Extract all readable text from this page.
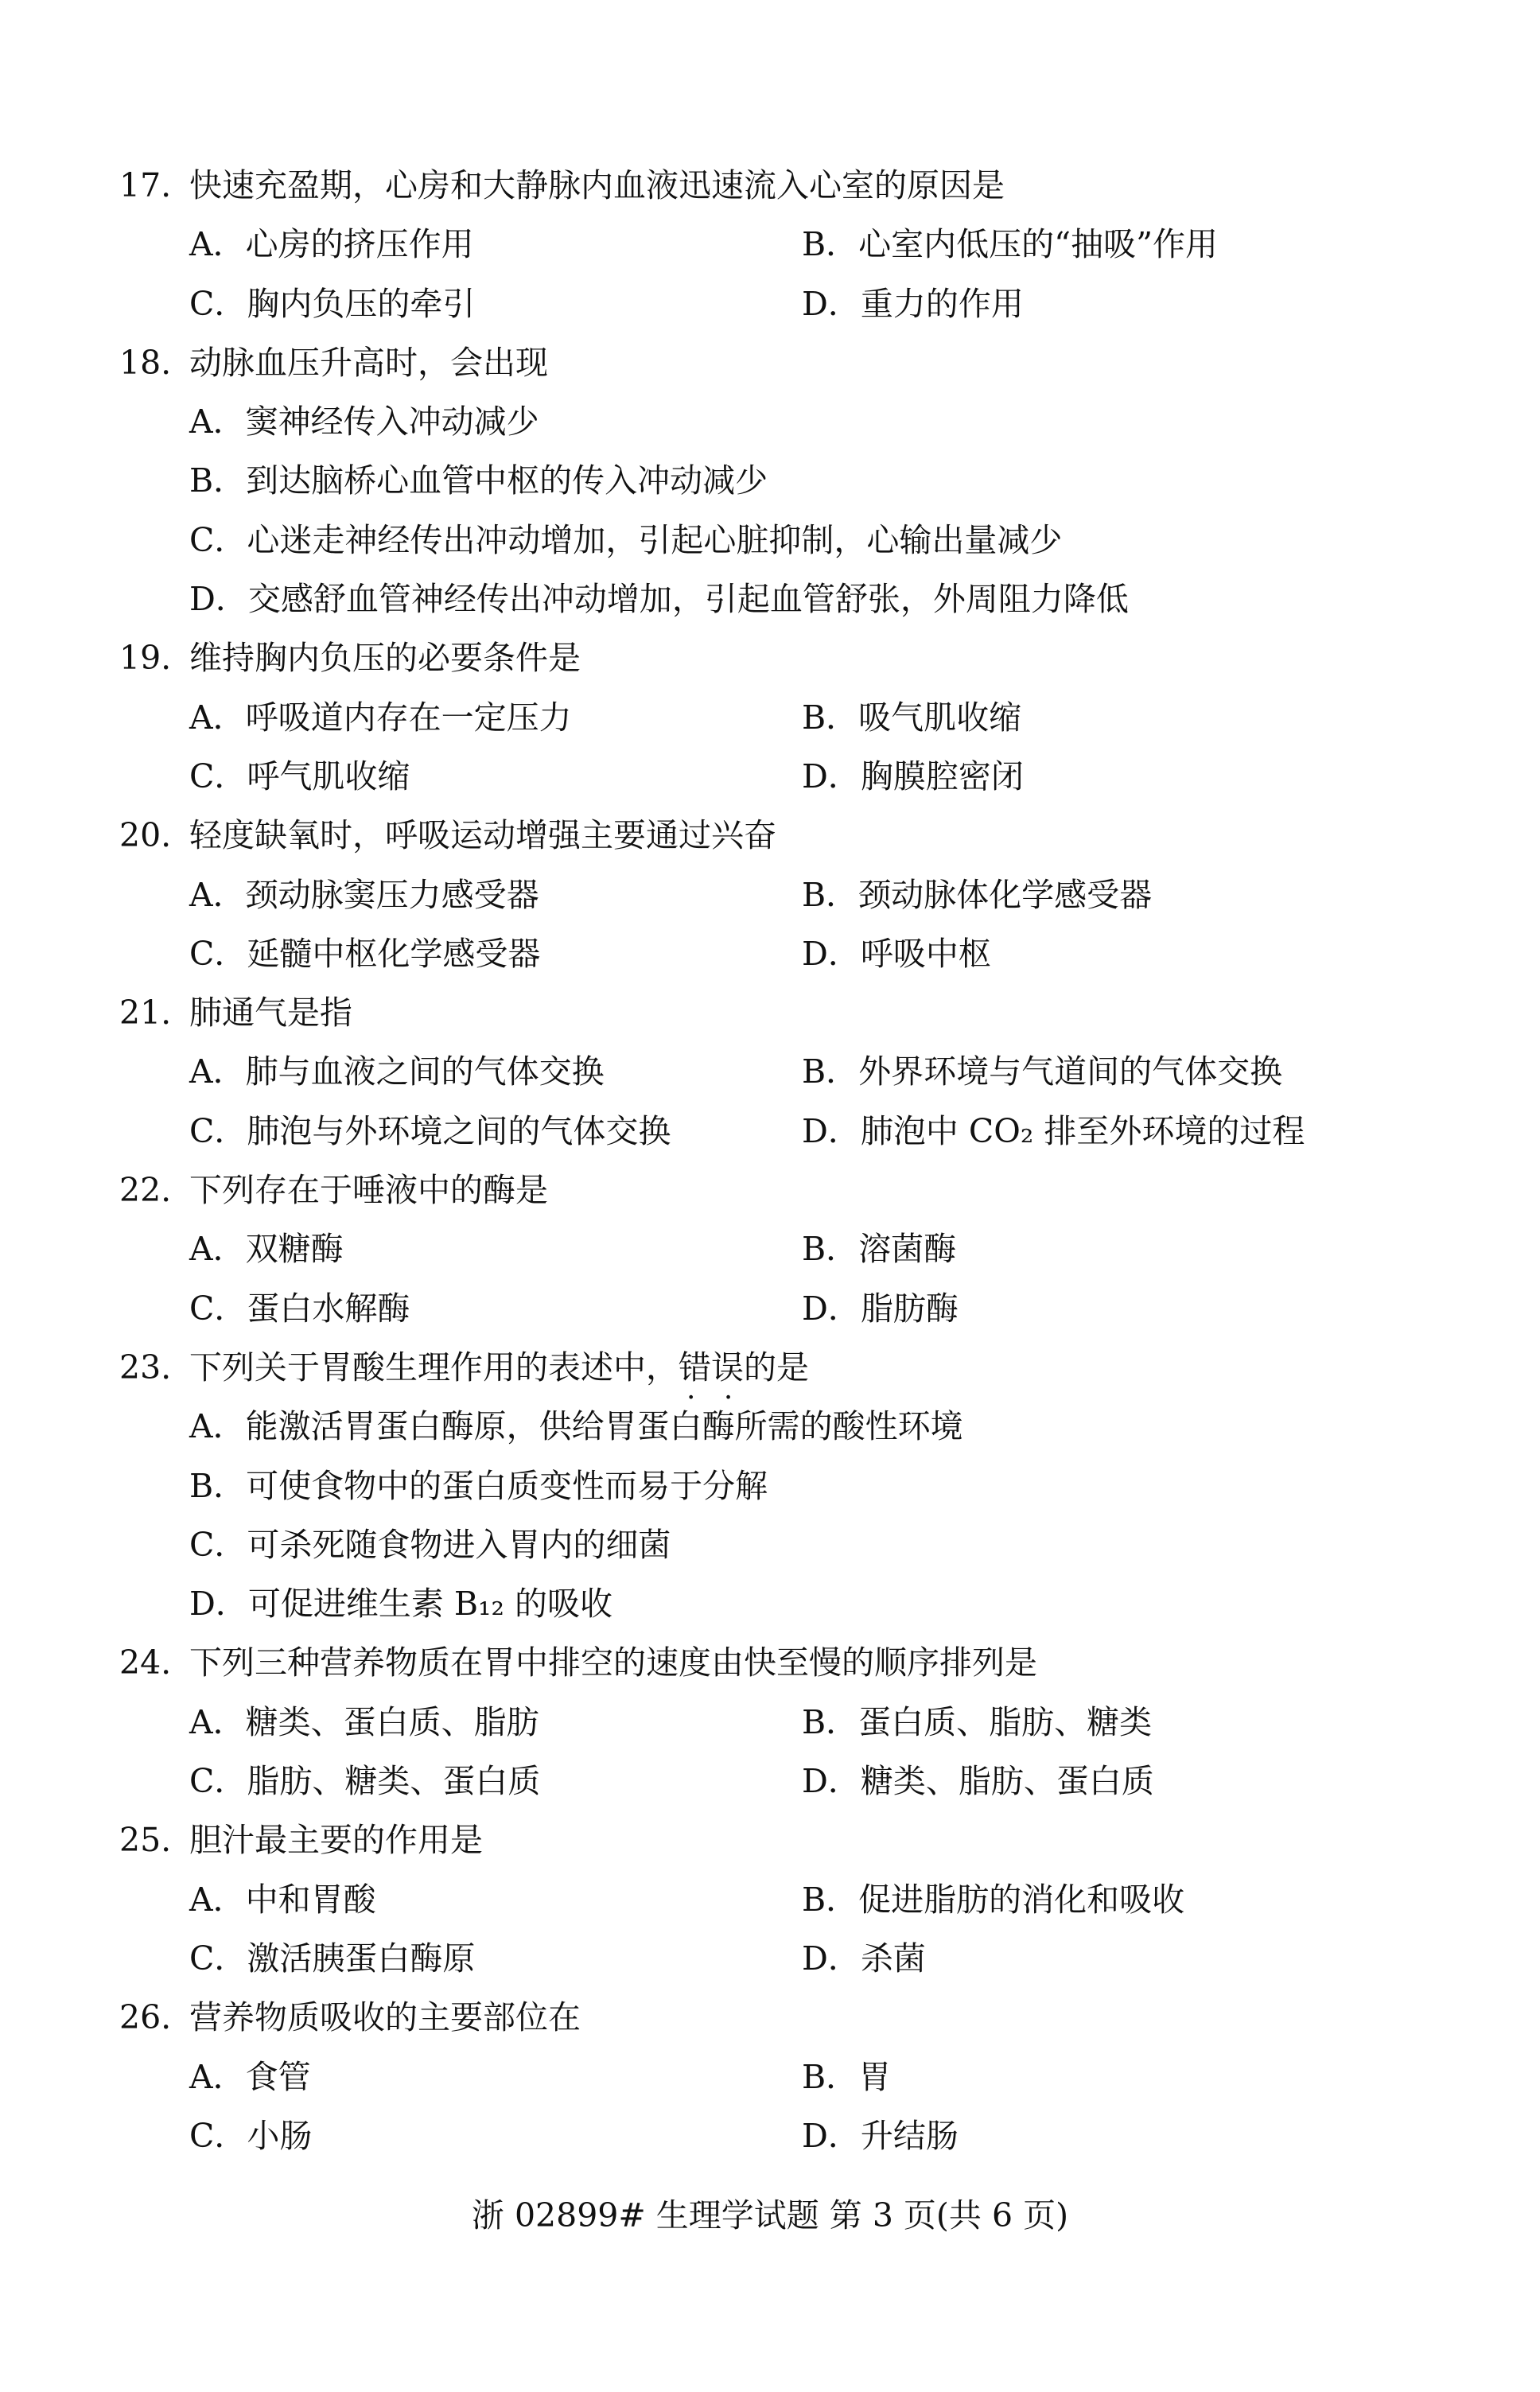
17. 快速充盈期，心房和大静脉内血液迅速流入心室的原因是
A．心房的挤压作用	B．心室内低压的“抽吸”作用
C．胸内负压的牵引	D．重力的作用
18. 动脉血压升高时，会出现
A．窦神经传入冲动减少
B．到达脑桥心血管中枢的传入冲动减少
C．心迷走神经传出冲动增加，引起心脏抑制，心输出量减少
D．交感舒血管神经传出冲动增加，引起血管舒张，外周阻力降低
19. 维持胸内负压的必要条件是
A．呼吸道内存在一定压力	B．吸气肌收缩
C．呼气肌收缩	D．胸膜腔密闭
20. 轻度缺氧时，呼吸运动增强主要通过兴奋
A．颈动脉窦压力感受器	B．颈动脉体化学感受器
C．延髓中枢化学感受器	D．呼吸中枢
21. 肺通气是指
A．肺与血液之间的气体交换	B．外界环境与气道间的气体交换
C．肺泡与外环境之间的气体交换	D．肺泡中 CO₂ 排至外环境的过程
22. 下列存在于唾液中的酶是
A．双糖酶	B．溶菌酶
C．蛋白水解酶	D．脂肪酶
23. 下列关于胃酸生理作用的表述中，错误 · ·的是
A．能激活胃蛋白酶原，供给胃蛋白酶所需的酸性环境
B．可使食物中的蛋白质变性而易于分解
C．可杀死随食物进入胃内的细菌
D．可促进维生素 B₁₂ 的吸收
24. 下列三种营养物质在胃中排空的速度由快至慢的顺序排列是
A．糖类、蛋白质、脂肪	B．蛋白质、脂肪、糖类
C．脂肪、糖类、蛋白质	D．糖类、脂肪、蛋白质
25. 胆汁最主要的作用是
A．中和胃酸	B．促进脂肪的消化和吸收
C．激活胰蛋白酶原	D．杀菌
26. 营养物质吸收的主要部位在
A．食管	B．胃
C．小肠	D．升结肠
浙 02899# 生理学试题 第 3 页(共 6 页)
